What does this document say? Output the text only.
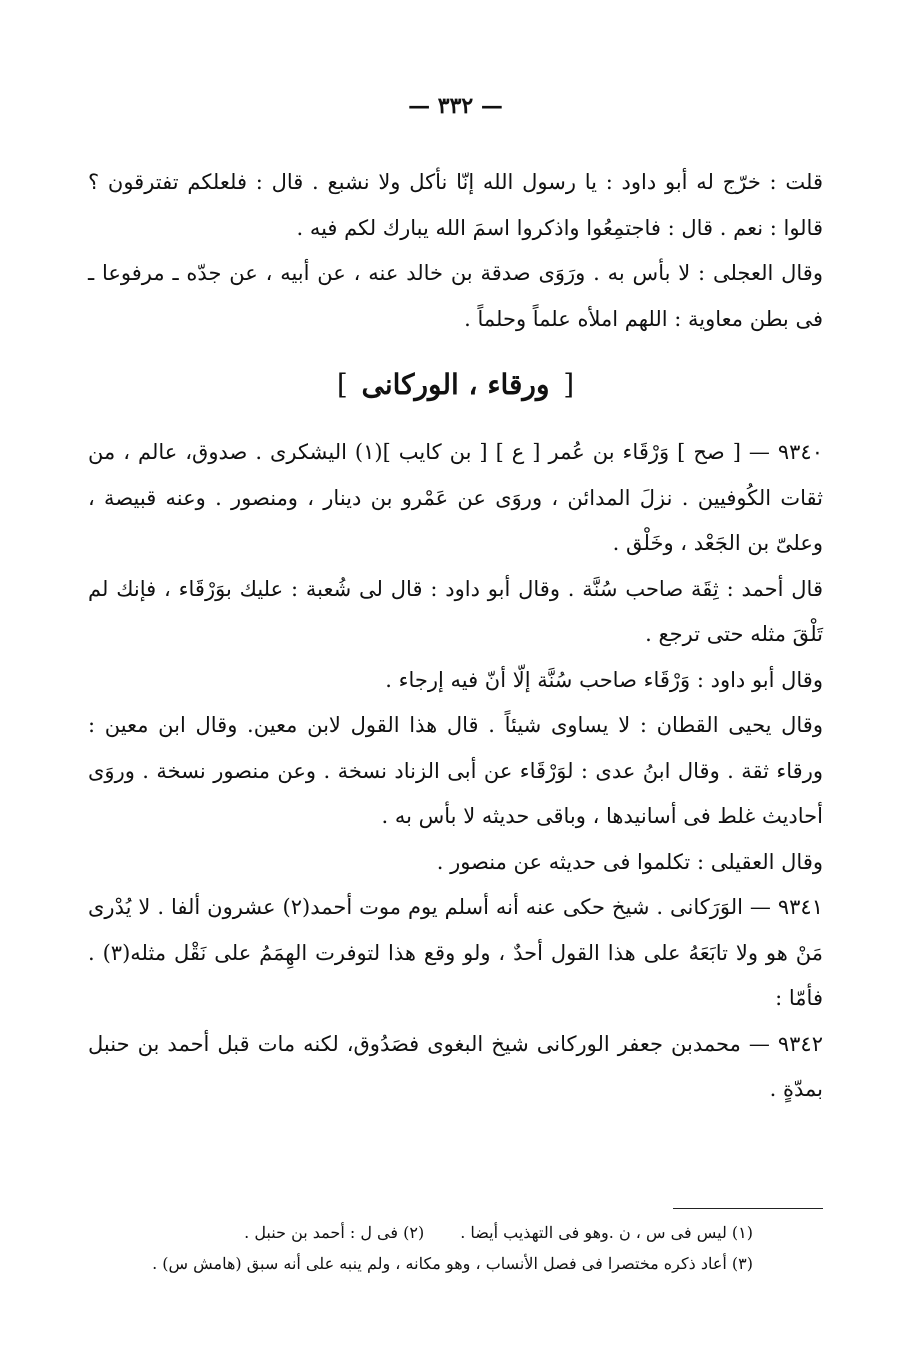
— ٣٣٢ —

قلت : خرّج له أبو داود : يا رسول الله إنّا نأكل ولا نشبع . قال : فلعلكم تفترقون ؟ قالوا : نعم . قال : فاجتمِعُوا واذكروا اسمَ الله يبارك لكم فيه .

وقال العجلى : لا بأس به . ورَوَى صدقة بن خالد عنه ، عن أبيه ، عن جدّه ـ مرفوعا ـ فى بطن معاوية : اللهم املأه علماً وحلماً .

[ ورقاء ، الوركانى ]

٩٣٤٠ — [ صح ] وَرْقَاء بن عُمر [ ع ] [ بن كايب ](١) اليشكرى . صدوق، عالم ، من ثقات الكُوفيين . نزلَ المدائن ، وروَى عن عَمْرو بن دينار ، ومنصور . وعنه قبيصة ، وعلىّ بن الجَعْد ، وخَلْق .

قال أحمد : ثِقَة صاحب سُنَّة . وقال أبو داود : قال لى شُعبة : عليك بوَرْقَاء ، فإنك لم تَلْقَ مثله حتى ترجع .

وقال أبو داود : وَرْقَاء صاحب سُنَّة إلّا أنّ فيه إرجاء .

وقال يحيى القطان : لا يساوى شيئاً . قال هذا القول لابن معين. وقال ابن معين : ورقاء ثقة . وقال ابنُ عدى : لوَرْقَاء عن أبى الزناد نسخة . وعن منصور نسخة . وروَى أحاديث غلط فى أسانيدها ، وباقى حديثه لا بأس به .

وقال العقيلى : تكلموا فى حديثه عن منصور .

٩٣٤١ — الوَرَكانى . شيخ حكى عنه أنه أسلم يوم موت أحمد(٢) عشرون ألفا . لا يُدْرى مَنْ هو ولا تابَعَهُ على هذا القول أحدٌ ، ولو وقع هذا لتوفرت الهِمَمُ على نَقْل مثله(٣) . فأمّا :

٩٣٤٢ — محمدبن جعفر الوركانى شيخ البغوى فصَدُوق، لكنه مات قبل أحمد بن حنبل بمدّةٍ .

(١) ليس فى س ، ن .وهو فى التهذيب أيضا .(٢) فى ل : أحمد بن حنبل .

(٣) أعاد ذكره مختصرا فى فصل الأنساب ، وهو مكانه ، ولم ينبه على أنه سبق (هامش س) .
